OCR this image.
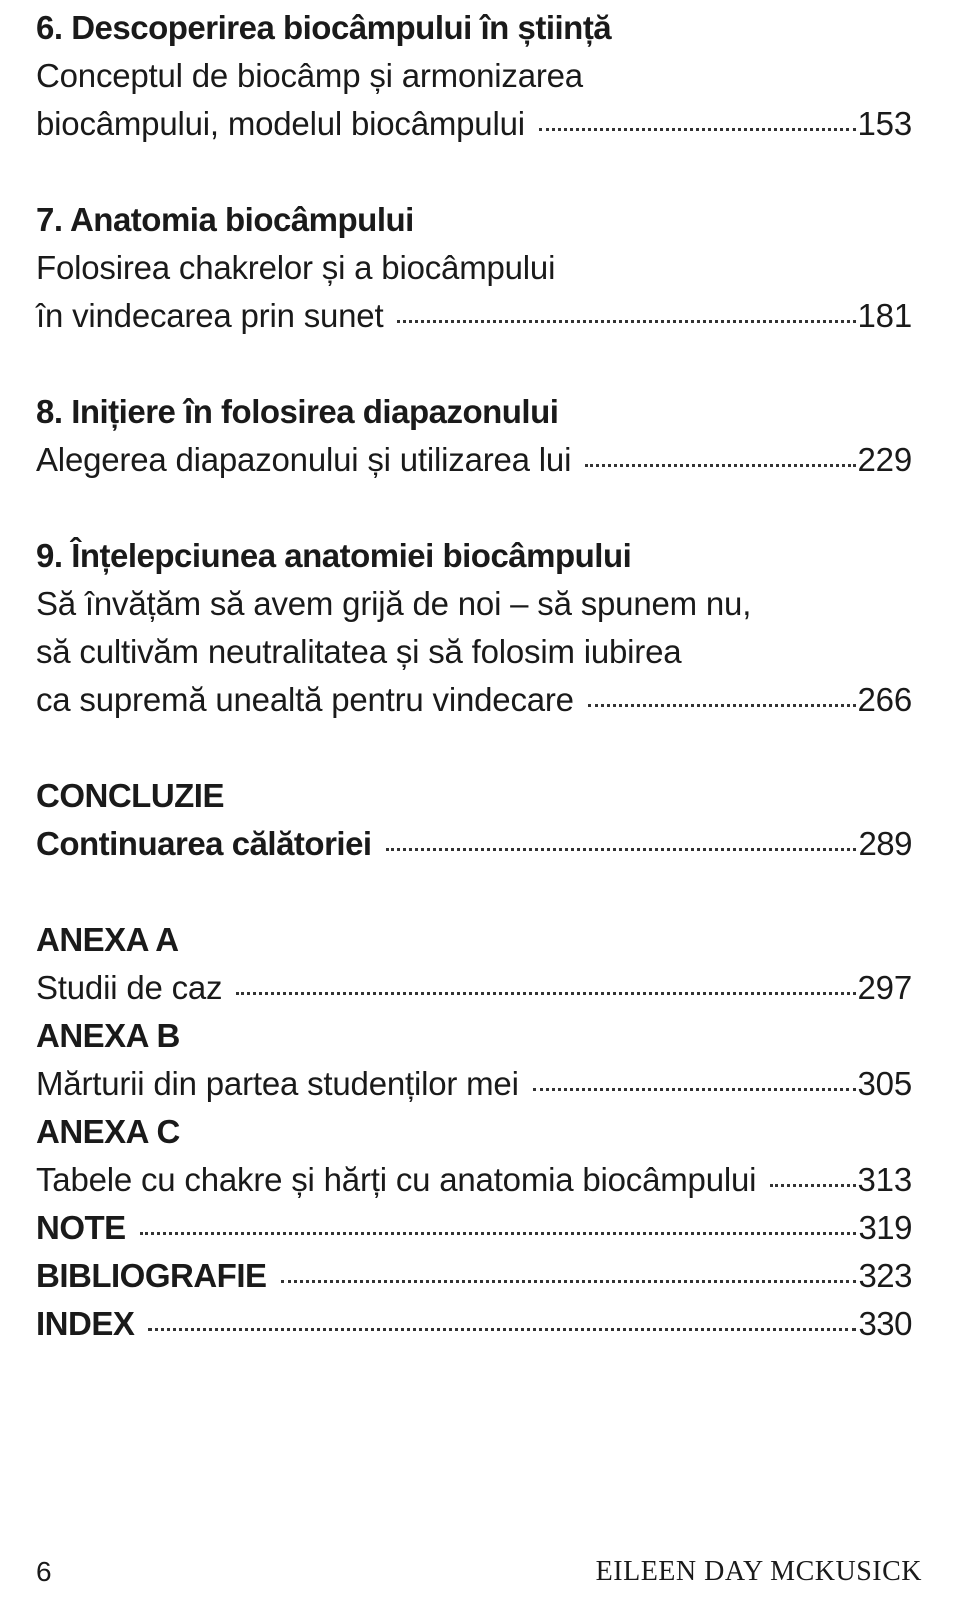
6. Descoperirea biocâmpului în știință
Conceptul de biocâmp și armonizarea
biocâmpului, modelul biocâmpului	153
7. Anatomia biocâmpului
Folosirea chakrelor și a biocâmpului
în vindecarea prin sunet	181
8. Inițiere în folosirea diapazonului
Alegerea diapazonului și utilizarea lui	229
9. Înțelepciunea anatomiei biocâmpului
Să învățăm să avem grijă de noi – să spunem nu,
să cultivăm neutralitatea și să folosim iubirea
ca supremă unealtă pentru vindecare	266
CONCLUZIE
Continuarea călătoriei	289
ANEXA A
Studii de caz	297
ANEXA B
Mărturii din partea studenților mei	305
ANEXA C
Tabele cu chakre și hărți cu anatomia biocâmpului	313
NOTE	319
BIBLIOGRAFIE	323
INDEX	330
6	EILEEN DAY MCKUSICK
